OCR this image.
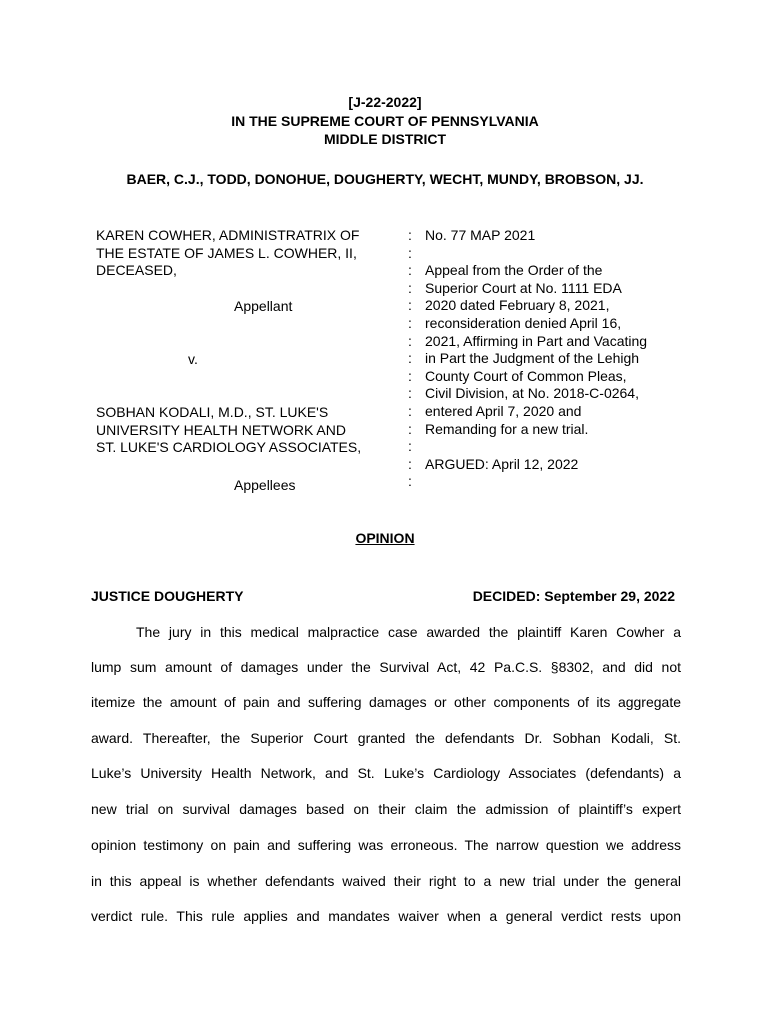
[J-22-2022]
IN THE SUPREME COURT OF PENNSYLVANIA
MIDDLE DISTRICT
BAER, C.J., TODD, DONOHUE, DOUGHERTY, WECHT, MUNDY, BROBSON, JJ.
KAREN COWHER, ADMINISTRATRIX OF
THE ESTATE OF JAMES L. COWHER, II,
DECEASED,
Appellant
v.
SOBHAN KODALI, M.D., ST. LUKE'S
UNIVERSITY HEALTH NETWORK AND
ST. LUKE'S CARDIOLOGY ASSOCIATES,
Appellees
:
:
:
:
:
:
:
:
:
:
:
:
:
:
:
No. 77 MAP 2021

Appeal from the Order of the
Superior Court at No. 1111 EDA
2020 dated February 8, 2021,
reconsideration denied April 16,
2021, Affirming in Part and Vacating
in Part the Judgment of the Lehigh
County Court of Common Pleas,
Civil Division, at No. 2018-C-0264,
entered April 7, 2020 and
Remanding for a new trial.

ARGUED: April 12, 2022
OPINION
JUSTICE DOUGHERTY	DECIDED: September 29, 2022
The jury in this medical malpractice case awarded the plaintiff Karen Cowher a
lump sum amount of damages under the Survival Act, 42 Pa.C.S. §8302, and did not
itemize the amount of pain and suffering damages or other components of its aggregate
award. Thereafter, the Superior Court granted the defendants Dr. Sobhan Kodali, St.
Luke’s University Health Network, and St. Luke’s Cardiology Associates (defendants) a
new trial on survival damages based on their claim the admission of plaintiff’s expert
opinion testimony on pain and suffering was erroneous. The narrow question we address
in this appeal is whether defendants waived their right to a new trial under the general
verdict rule. This rule applies and mandates waiver when a general verdict rests upon
